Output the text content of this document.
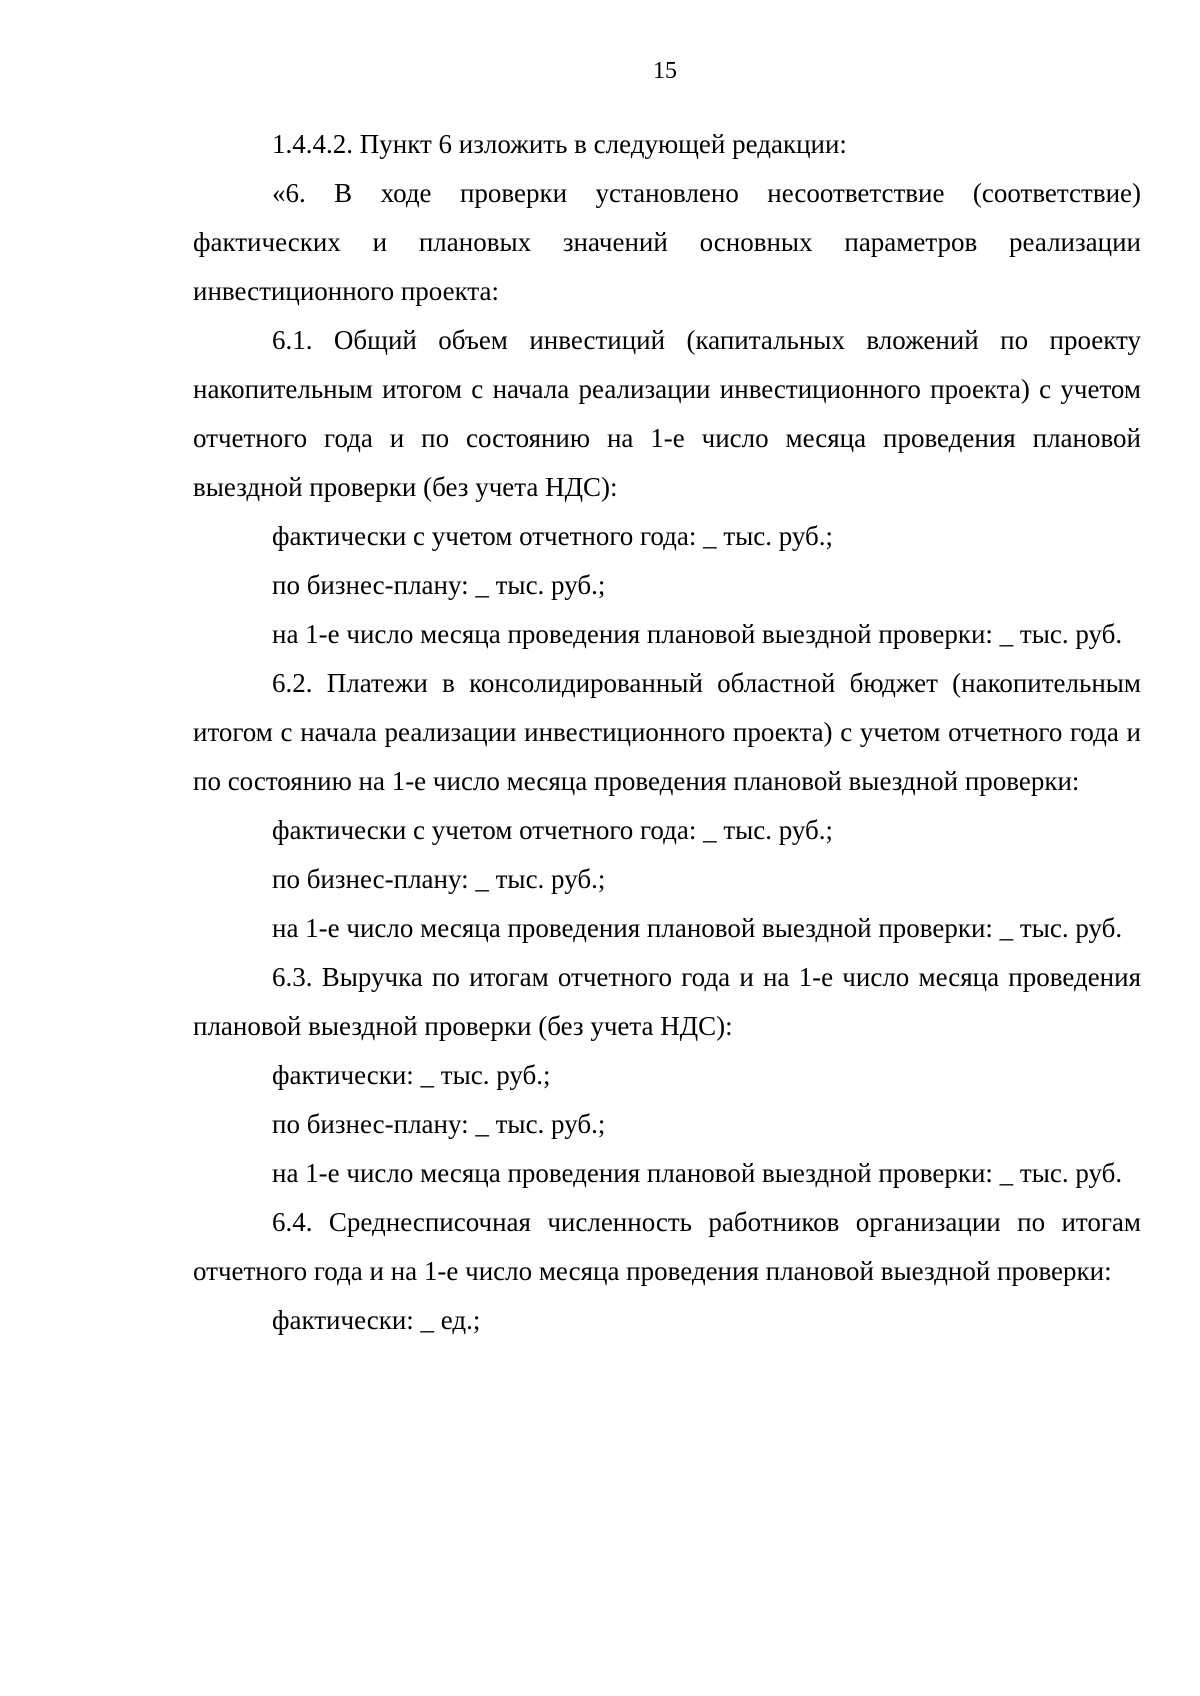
15

1.4.4.2. Пункт 6 изложить в следующей редакции:

«6. В ходе проверки установлено несоответствие (соответствие) фактических и плановых значений основных параметров реализации инвестиционного проекта:

6.1. Общий объем инвестиций (капитальных вложений по проекту накопительным итогом с начала реализации инвестиционного проекта) с учетом отчетного года и по состоянию на 1-е число месяца проведения плановой выездной проверки (без учета НДС):

фактически с учетом отчетного года: _ тыс. руб.;

по бизнес-плану: _ тыс. руб.;

на 1-е число месяца проведения плановой выездной проверки: _ тыс. руб.

6.2. Платежи в консолидированный областной бюджет (накопительным итогом с начала реализации инвестиционного проекта) с учетом отчетного года и по состоянию на 1-е число месяца проведения плановой выездной проверки:

фактически с учетом отчетного года: _ тыс. руб.;

по бизнес-плану: _ тыс. руб.;

на 1-е число месяца проведения плановой выездной проверки: _ тыс. руб.

6.3. Выручка по итогам отчетного года и на 1-е число месяца проведения плановой выездной проверки (без учета НДС):

фактически: _ тыс. руб.;

по бизнес-плану: _ тыс. руб.;

на 1-е число месяца проведения плановой выездной проверки: _ тыс. руб.

6.4. Среднесписочная численность работников организации по итогам отчетного года и на 1-е число месяца проведения плановой выездной проверки:

фактически: _ ед.;
